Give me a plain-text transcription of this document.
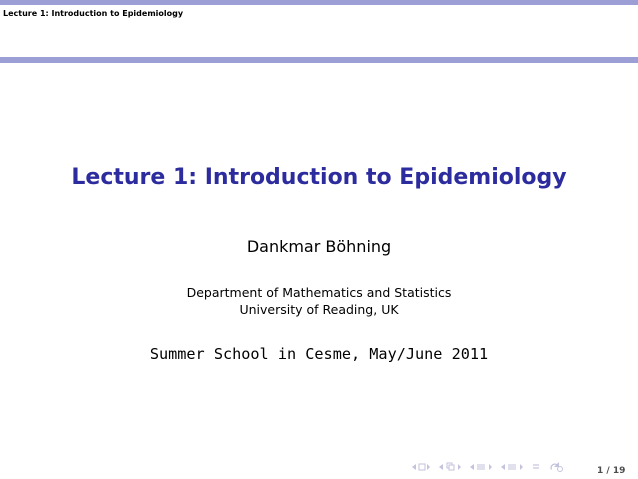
Lecture 1: Introduction to Epidemiology
Lecture 1: Introduction to Epidemiology
Dankmar Böhning
Department of Mathematics and Statistics
University of Reading, UK
Summer School in Cesme, May/June 2011
1 / 19
